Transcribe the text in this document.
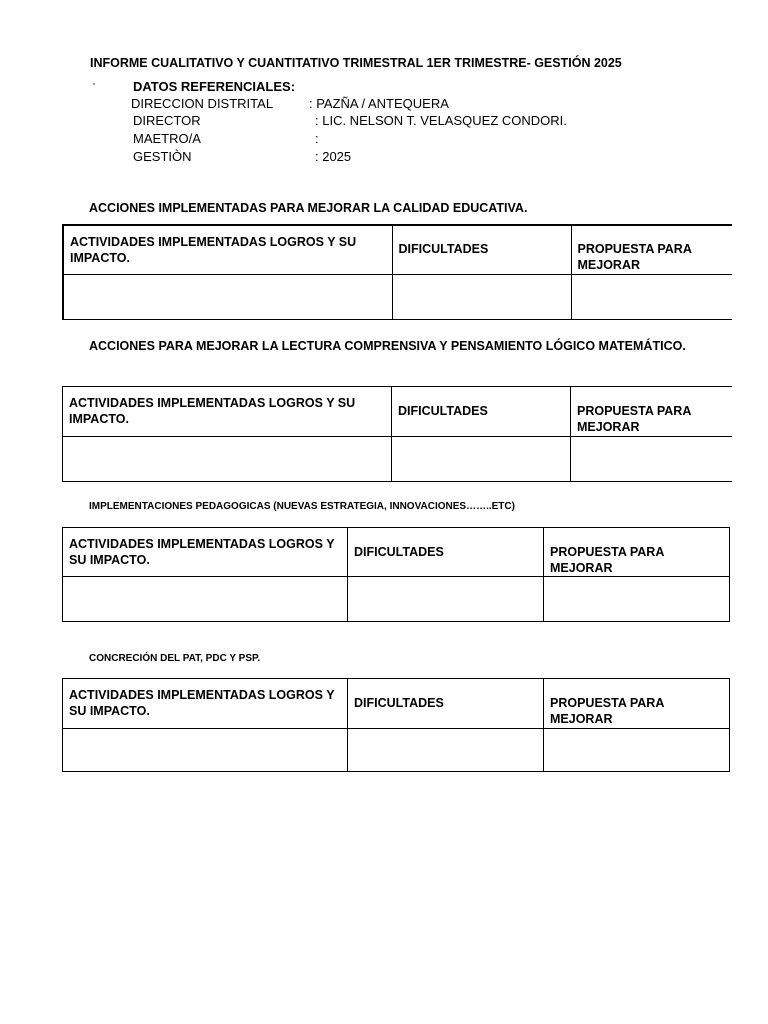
INFORME CUALITATIVO Y CUANTITATIVO TRIMESTRAL 1ER TRIMESTRE- GESTIÓN 2025
·	DATOS REFERENCIALES:
DIRECCION DISTRITAL	: PAZÑA / ANTEQUERA
DIRECTOR	: LIC. NELSON T. VELASQUEZ CONDORI.
MAETRO/A	:
GESTIÒN	: 2025
ACCIONES IMPLEMENTADAS PARA MEJORAR LA CALIDAD EDUCATIVA.
ACTIVIDADES IMPLEMENTADAS LOGROS Y SU IMPACTO.	DIFICULTADES	PROPUESTA PARA MEJORAR

ACCIONES PARA MEJORAR LA LECTURA COMPRENSIVA Y PENSAMIENTO LÓGICO MATEMÁTICO.
ACTIVIDADES IMPLEMENTADAS LOGROS Y SU IMPACTO.	DIFICULTADES	PROPUESTA PARA MEJORAR

IMPLEMENTACIONES PEDAGOGICAS (NUEVAS ESTRATEGIA, INNOVACIONES……..ETC)
ACTIVIDADES IMPLEMENTADAS LOGROS Y SU IMPACTO.	DIFICULTADES	PROPUESTA PARA MEJORAR

CONCRECIÓN DEL PAT, PDC Y PSP.
ACTIVIDADES IMPLEMENTADAS LOGROS Y SU IMPACTO.	DIFICULTADES	PROPUESTA PARA MEJORAR
